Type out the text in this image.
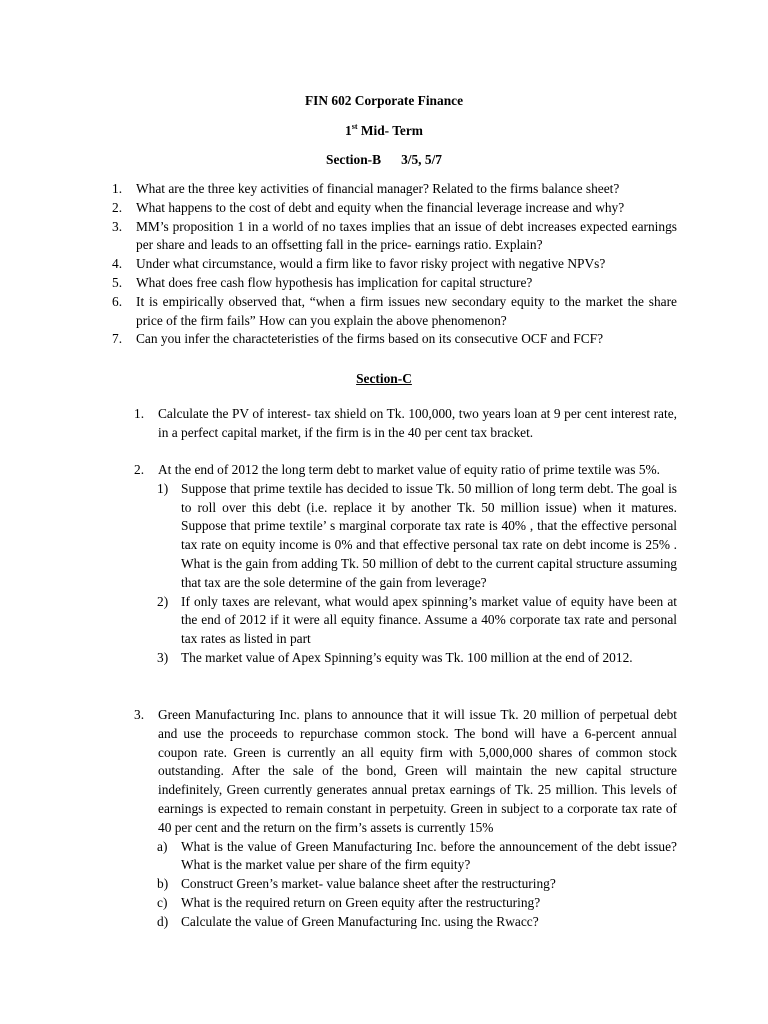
FIN 602 Corporate Finance
1st Mid- Term
Section-B 3/5, 5/7
1. What are the three key activities of financial manager? Related to the firms balance sheet?
2. What happens to the cost of debt and equity when the financial leverage increase and why?
3. MM’s proposition 1 in a world of no taxes implies that an issue of debt increases expected earnings per share and leads to an offsetting fall in the price- earnings ratio. Explain?
4. Under what circumstance, would a firm like to favor risky project with negative NPVs?
5. What does free cash flow hypothesis has implication for capital structure?
6. It is empirically observed that, “when a firm issues new secondary equity to the market the share price of the firm fails” How can you explain the above phenomenon?
7. Can you infer the characteteristies of the firms based on its consecutive OCF and FCF?
Section-C
1. Calculate the PV of interest- tax shield on Tk. 100,000, two years loan at 9 per cent interest rate, in a perfect capital market, if the firm is in the 40 per cent tax bracket.
2. At the end of 2012 the long term debt to market value of equity ratio of prime textile was 5%.
1) Suppose that prime textile has decided to issue Tk. 50 million of long term debt. The goal is to roll over this debt (i.e. replace it by another Tk. 50 million issue) when it matures. Suppose that prime textile’ s marginal corporate tax rate is 40% , that the effective personal tax rate on equity income is 0% and that effective personal tax rate on debt income is 25% . What is the gain from adding Tk. 50 million of debt to the current capital structure assuming that tax are the sole determine of the gain from leverage?
2) If only taxes are relevant, what would apex spinning’s market value of equity have been at the end of 2012 if it were all equity finance. Assume a 40% corporate tax rate and personal tax rates as listed in part
3) The market value of Apex Spinning’s equity was Tk. 100 million at the end of 2012.
3. Green Manufacturing Inc. plans to announce that it will issue Tk. 20 million of perpetual debt and use the proceeds to repurchase common stock. The bond will have a 6-percent annual coupon rate. Green is currently an all equity firm with 5,000,000 shares of common stock outstanding. After the sale of the bond, Green will maintain the new capital structure indefinitely, Green currently generates annual pretax earnings of Tk. 25 million. This levels of earnings is expected to remain constant in perpetuity. Green in subject to a corporate tax rate of 40 per cent and the return on the firm’s assets is currently 15%
a) What is the value of Green Manufacturing Inc. before the announcement of the debt issue? What is the market value per share of the firm equity?
b) Construct Green’s market- value balance sheet after the restructuring?
c) What is the required return on Green equity after the restructuring?
d) Calculate the value of Green Manufacturing Inc. using the Rwacc?
